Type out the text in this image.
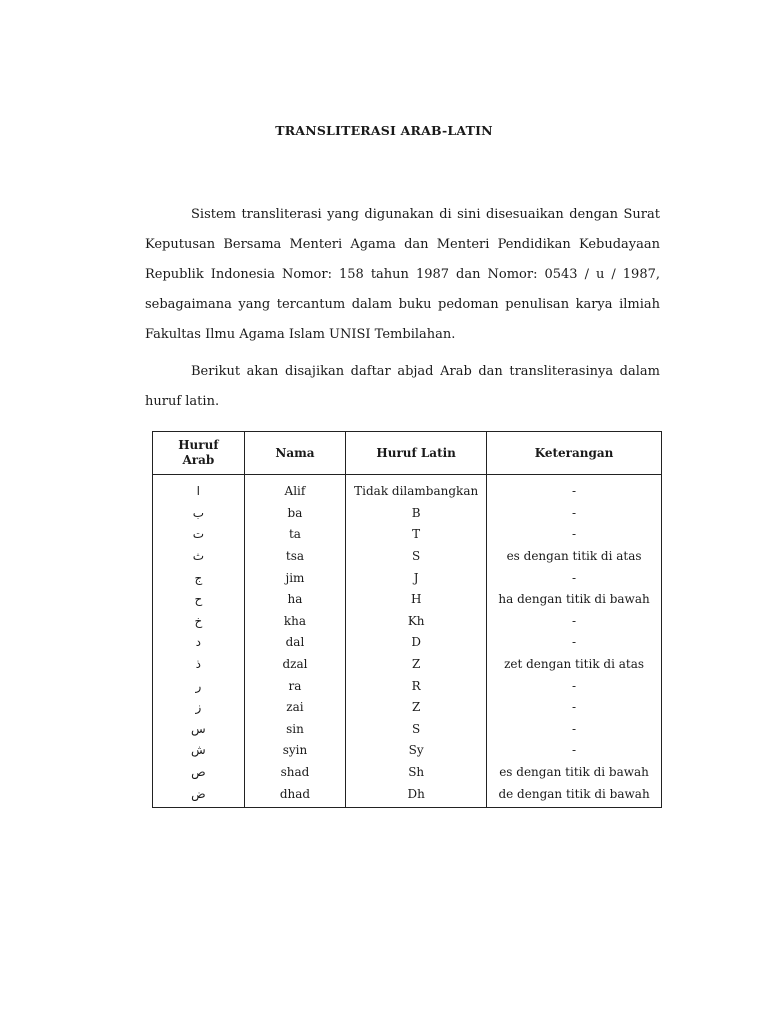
TRANSLITERASI ARAB-LATIN

Sistem transliterasi yang digunakan di sini disesuaikan dengan Surat Keputusan Bersama Menteri Agama dan Menteri Pendidikan Kebudayaan Republik Indonesia Nomor: 158 tahun 1987 dan Nomor: 0543 / u / 1987, sebagaimana yang tercantum dalam buku pedoman penulisan karya ilmiah Fakultas Ilmu Agama Islam UNISI Tembilahan.

Berikut akan disajikan daftar abjad Arab dan transliterasinya dalam huruf latin.

Huruf Arab	Nama	Huruf Latin	Keterangan
ا	Alif	Tidak dilambangkan	-
ب	ba	B	-
ت	ta	T	-
ث	tsa	S	es dengan titik di atas
ج	jim	J	-
ح	ha	H	ha dengan titik di bawah
خ	kha	Kh	-
د	dal	D	-
ذ	dzal	Z	zet dengan titik di atas
ر	ra	R	-
ز	zai	Z	-
س	sin	S	-
ش	syin	Sy	-
ص	shad	Sh	es dengan titik di bawah
ض	dhad	Dh	de dengan titik di bawah
